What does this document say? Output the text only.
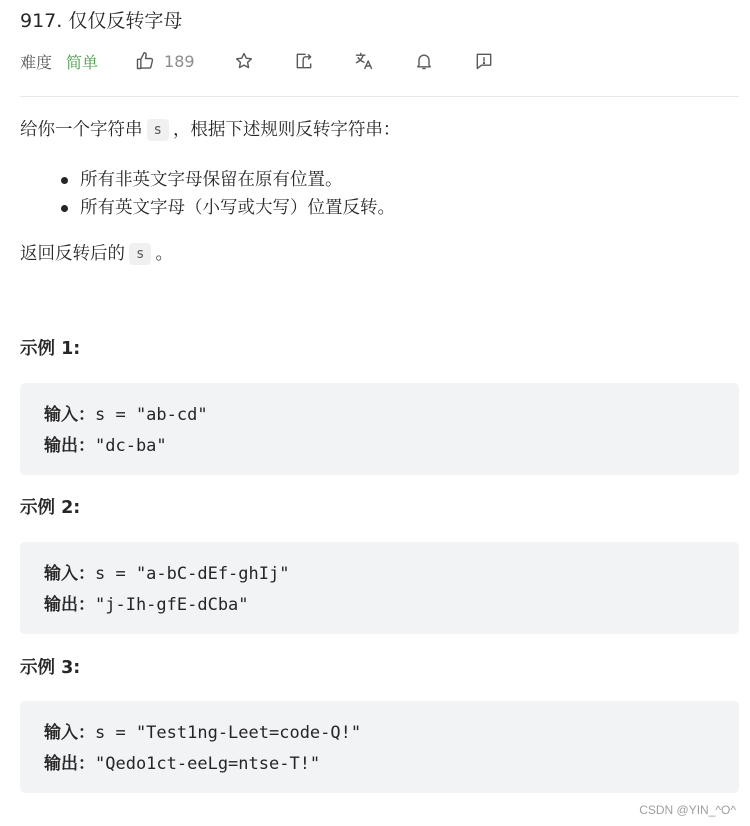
917. 仅仅反转字母
难度 简单	189
给你一个字符串 s ，根据下述规则反转字符串：
所有非英文字母保留在原有位置。
所有英文字母（小写或大写）位置反转。
返回反转后的 s 。
示例 1:
输入：s = "ab-cd"
输出："dc-ba"
示例 2:
输入：s = "a-bC-dEf-ghIj"
输出："j-Ih-gfE-dCba"
示例 3:
输入：s = "Test1ng-Leet=code-Q!"
输出："Qedo1ct-eeLg=ntse-T!"
CSDN @YIN_^O^
